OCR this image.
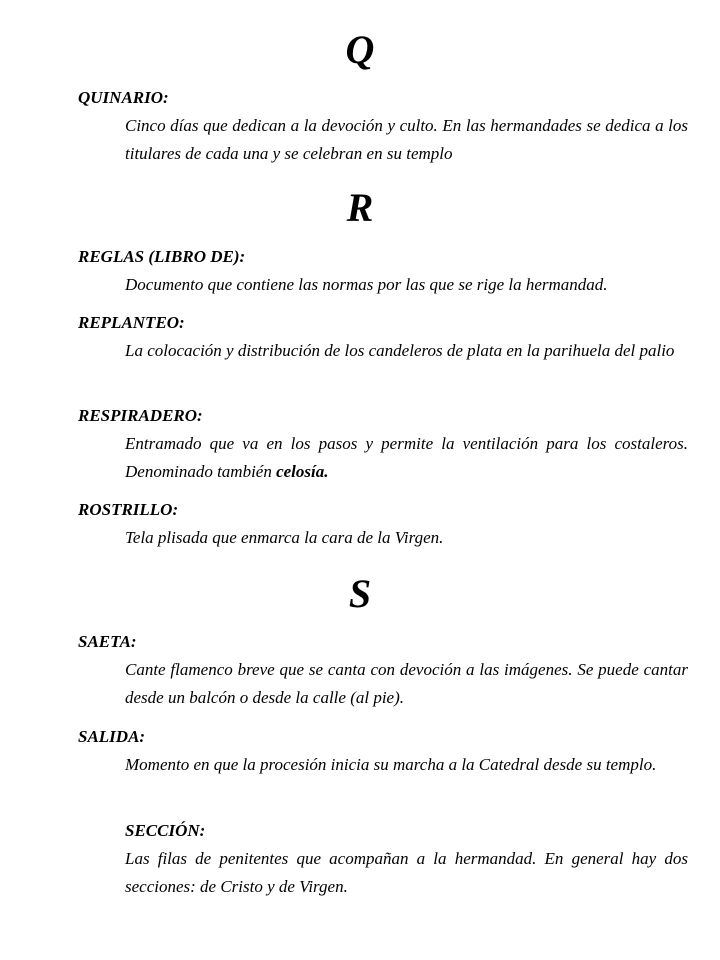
Q
QUINARIO:
Cinco días que dedican a la devoción y culto. En las hermandades se dedica a los titulares de cada una y se celebran en su templo
R
REGLAS (LIBRO DE):
Documento que contiene las normas por las que se rige la hermandad.
REPLANTEO:
La colocación y distribución de los candeleros de plata en la parihuela del palio
RESPIRADERO:
Entramado que va en los pasos y permite la ventilación para los costaleros. Denominado también celosía.
ROSTRILLO:
Tela plisada que enmarca la cara de la Virgen.
S
SAETA:
Cante flamenco breve que se canta con devoción a las imágenes. Se puede cantar desde un balcón o desde la calle (al pie).
SALIDA:
Momento en que la procesión inicia su marcha a la Catedral desde su templo.
SECCIÓN:
Las filas de penitentes que acompañan a la hermandad. En general hay dos secciones: de Cristo y de Virgen.
